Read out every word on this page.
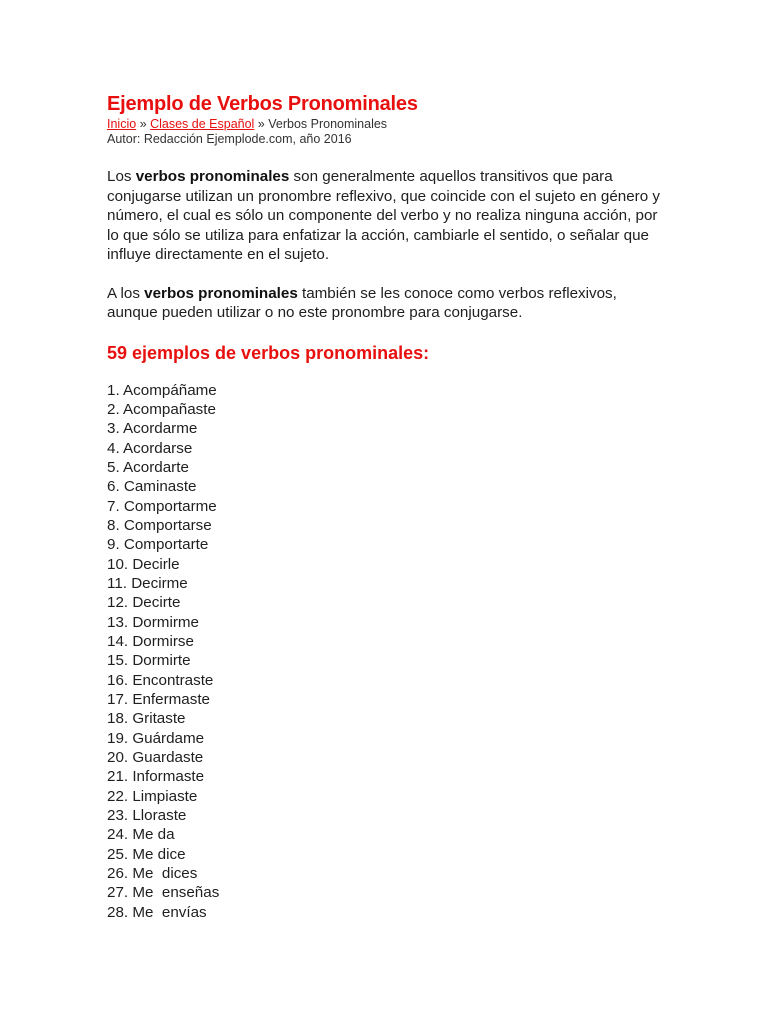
Ejemplo de Verbos Pronominales
Inicio » Clases de Español » Verbos Pronominales
Autor: Redacción Ejemplode.com, año 2016

Los verbos pronominales son generalmente aquellos transitivos que para conjugarse utilizan un pronombre reflexivo, que coincide con el sujeto en género y número, el cual es sólo un componente del verbo y no realiza ninguna acción, por lo que sólo se utiliza para enfatizar la acción, cambiarle el sentido, o señalar que influye directamente en el sujeto.

A los verbos pronominales también se les conoce como verbos reflexivos, aunque pueden utilizar o no este pronombre para conjugarse.

59 ejemplos de verbos pronominales:
1. Acompáñame
2. Acompañaste
3. Acordarme
4. Acordarse
5. Acordarte
6. Caminaste
7. Comportarme
8. Comportarse
9. Comportarte
10. Decirle
11. Decirme
12. Decirte
13. Dormirme
14. Dormirse
15. Dormirte
16. Encontraste
17. Enfermaste
18. Gritaste
19. Guárdame
20. Guardaste
21. Informaste
22. Limpiaste
23. Lloraste
24. Me da
25. Me dice
26. Me  dices
27. Me  enseñas
28. Me  envías
